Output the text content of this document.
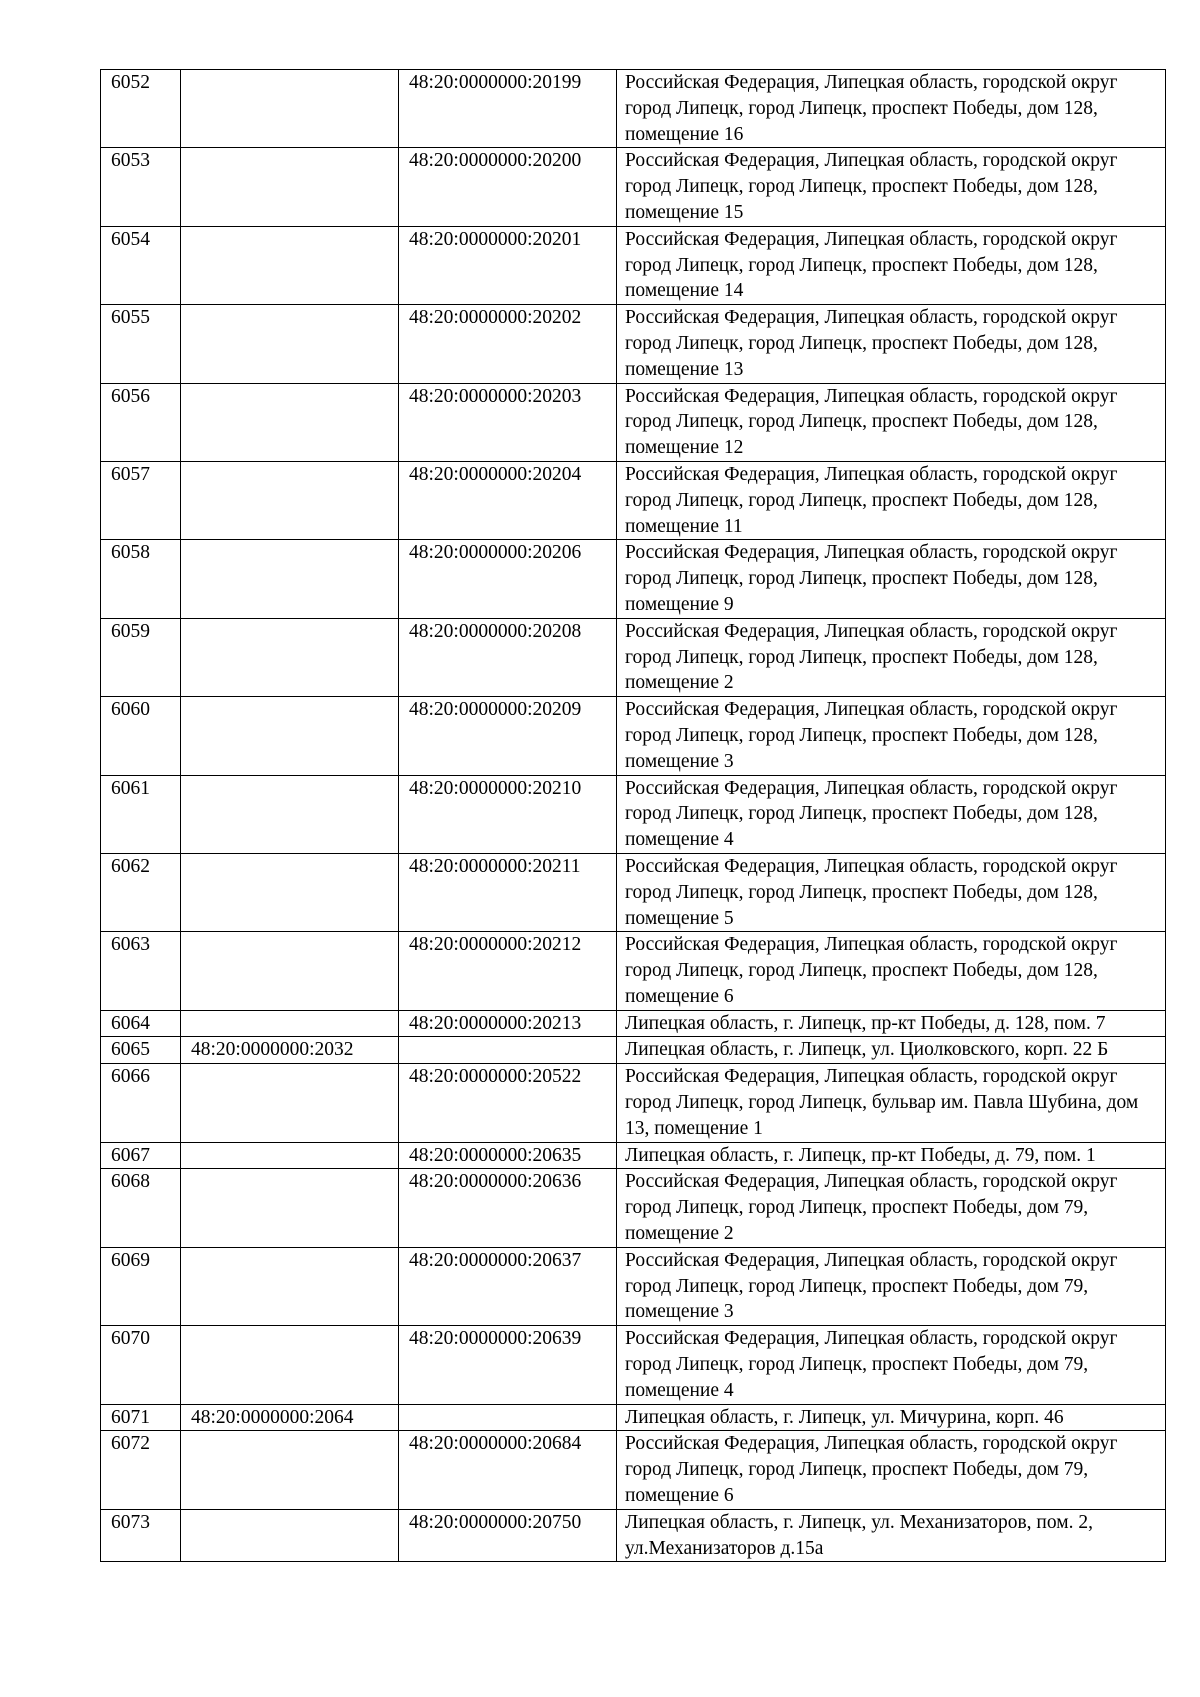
6052		48:20:0000000:20199	Российская Федерация, Липецкая область, городской округ город Липецк, город Липецк, проспект Победы, дом 128, помещение 16
6053		48:20:0000000:20200	Российская Федерация, Липецкая область, городской округ город Липецк, город Липецк, проспект Победы, дом 128, помещение 15
6054		48:20:0000000:20201	Российская Федерация, Липецкая область, городской округ город Липецк, город Липецк, проспект Победы, дом 128, помещение 14
6055		48:20:0000000:20202	Российская Федерация, Липецкая область, городской округ город Липецк, город Липецк, проспект Победы, дом 128, помещение 13
6056		48:20:0000000:20203	Российская Федерация, Липецкая область, городской округ город Липецк, город Липецк, проспект Победы, дом 128, помещение 12
6057		48:20:0000000:20204	Российская Федерация, Липецкая область, городской округ город Липецк, город Липецк, проспект Победы, дом 128, помещение 11
6058		48:20:0000000:20206	Российская Федерация, Липецкая область, городской округ город Липецк, город Липецк, проспект Победы, дом 128, помещение 9
6059		48:20:0000000:20208	Российская Федерация, Липецкая область, городской округ город Липецк, город Липецк, проспект Победы, дом 128, помещение 2
6060		48:20:0000000:20209	Российская Федерация, Липецкая область, городской округ город Липецк, город Липецк, проспект Победы, дом 128, помещение 3
6061		48:20:0000000:20210	Российская Федерация, Липецкая область, городской округ город Липецк, город Липецк, проспект Победы, дом 128, помещение 4
6062		48:20:0000000:20211	Российская Федерация, Липецкая область, городской округ город Липецк, город Липецк, проспект Победы, дом 128, помещение 5
6063		48:20:0000000:20212	Российская Федерация, Липецкая область, городской округ город Липецк, город Липецк, проспект Победы, дом 128, помещение 6
6064		48:20:0000000:20213	Липецкая область, г. Липецк, пр-кт Победы, д. 128, пом. 7
6065	48:20:0000000:2032		Липецкая область, г. Липецк, ул. Циолковского, корп. 22 Б
6066		48:20:0000000:20522	Российская Федерация, Липецкая область, городской округ город Липецк, город Липецк, бульвар им. Павла Шубина, дом 13, помещение 1
6067		48:20:0000000:20635	Липецкая область, г. Липецк, пр-кт Победы, д. 79, пом. 1
6068		48:20:0000000:20636	Российская Федерация, Липецкая область, городской округ город Липецк, город Липецк, проспект Победы, дом 79, помещение 2
6069		48:20:0000000:20637	Российская Федерация, Липецкая область, городской округ город Липецк, город Липецк, проспект Победы, дом 79, помещение 3
6070		48:20:0000000:20639	Российская Федерация, Липецкая область, городской округ город Липецк, город Липецк, проспект Победы, дом 79, помещение 4
6071	48:20:0000000:2064		Липецкая область, г. Липецк, ул. Мичурина, корп. 46
6072		48:20:0000000:20684	Российская Федерация, Липецкая область, городской округ город Липецк, город Липецк, проспект Победы, дом 79, помещение 6
6073		48:20:0000000:20750	Липецкая область, г. Липецк, ул. Механизаторов, пом. 2, ул.Механизаторов д.15а
